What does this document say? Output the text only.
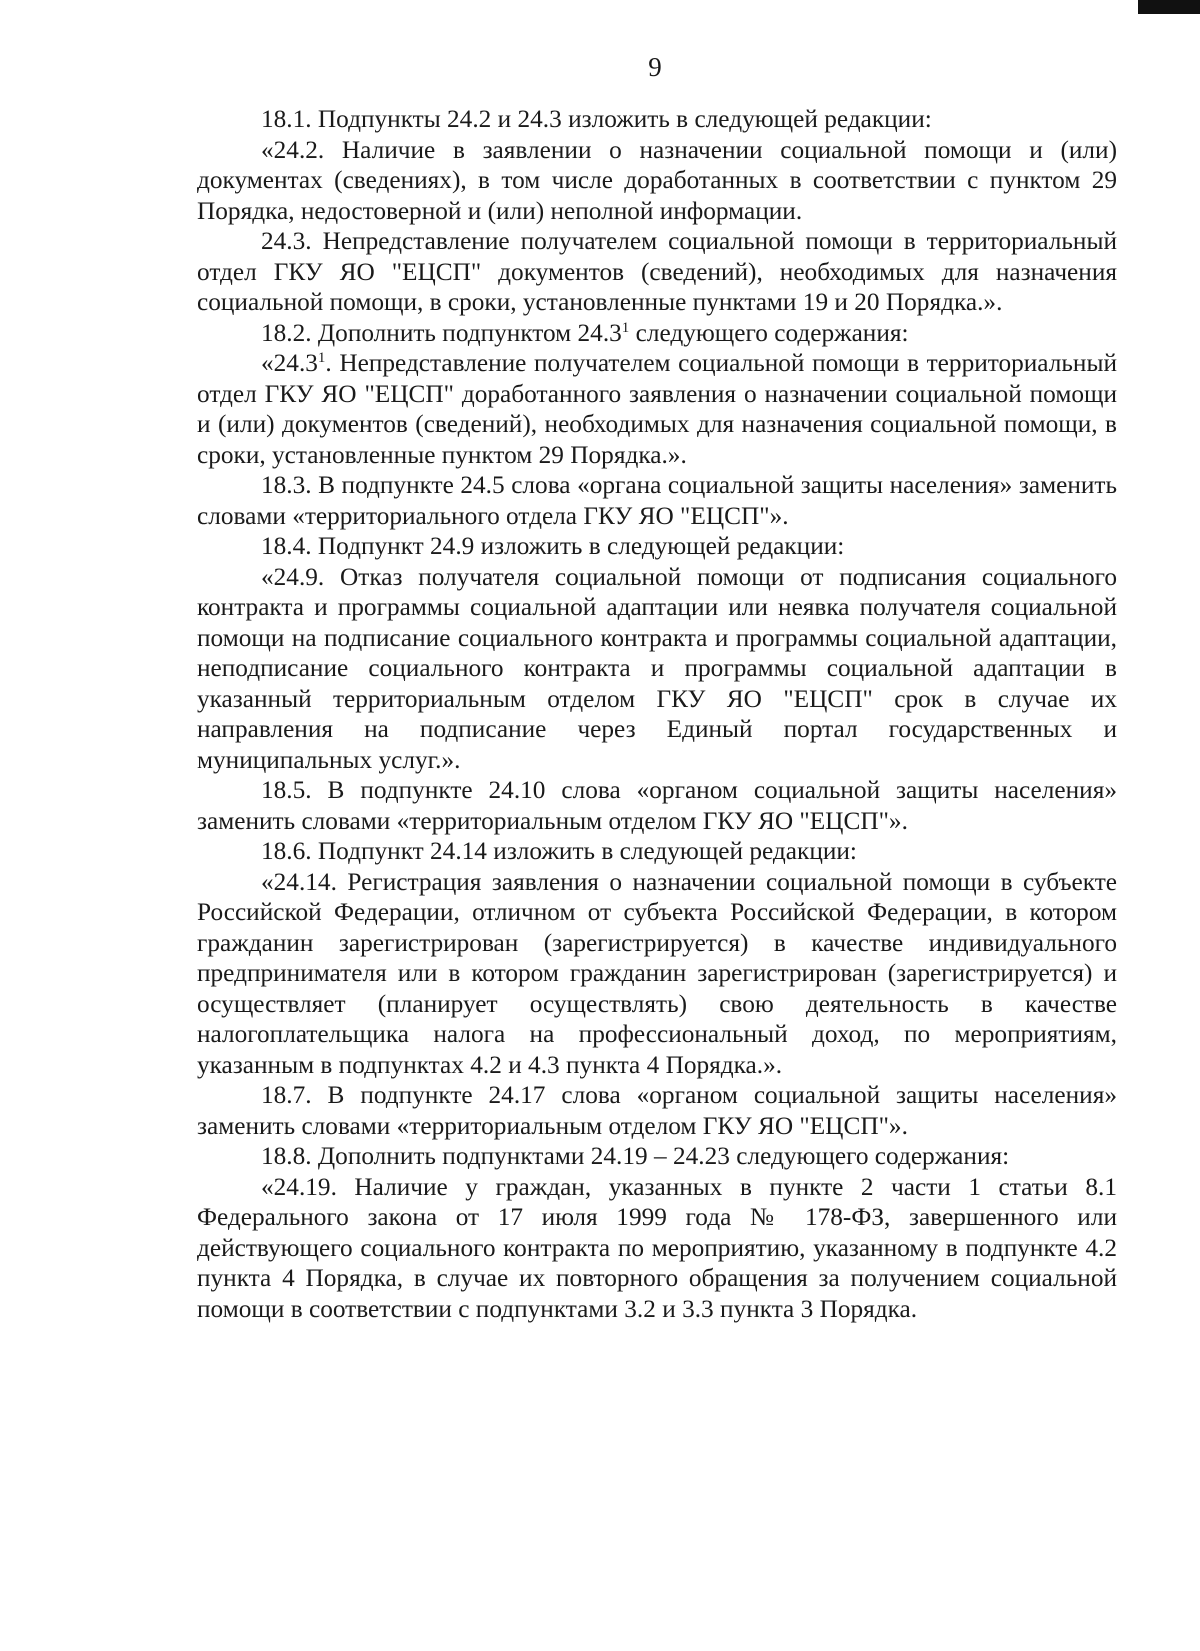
9

18.1. Подпункты 24.2 и 24.3 изложить в следующей редакции:

«24.2. Наличие в заявлении о назначении социальной помощи и (или) документах (сведениях), в том числе доработанных в соответствии с пунктом 29 Порядка, недостоверной и (или) неполной информации.

24.3. Непредставление получателем социальной помощи в территориальный отдел ГКУ ЯО "ЕЦСП" документов (сведений), необходимых для назначения социальной помощи, в сроки, установленные пунктами 19 и 20 Порядка.».

18.2. Дополнить подпунктом 24.3$^1$ следующего содержания:

«24.3$^1$. Непредставление получателем социальной помощи в территориальный отдел ГКУ ЯО "ЕЦСП" доработанного заявления о назначении социальной помощи и (или) документов (сведений), необходимых для назначения социальной помощи, в сроки, установленные пунктом 29 Порядка.».

18.3. В подпункте 24.5 слова «органа социальной защиты населения» заменить словами «территориального отдела ГКУ ЯО "ЕЦСП"».

18.4. Подпункт 24.9 изложить в следующей редакции:

«24.9. Отказ получателя социальной помощи от подписания социального контракта и программы социальной адаптации или неявка получателя социальной помощи на подписание социального контракта и программы социальной адаптации, неподписание социального контракта и программы социальной адаптации в указанный территориальным отделом ГКУ ЯО "ЕЦСП" срок в случае их направления на подписание через Единый портал государственных и муниципальных услуг.».

18.5. В подпункте 24.10 слова «органом социальной защиты населения» заменить словами «территориальным отделом ГКУ ЯО "ЕЦСП"».

18.6. Подпункт 24.14 изложить в следующей редакции:

«24.14. Регистрация заявления о назначении социальной помощи в субъекте Российской Федерации, отличном от субъекта Российской Федерации, в котором гражданин зарегистрирован (зарегистрируется) в качестве индивидуального предпринимателя или в котором гражданин зарегистрирован (зарегистрируется) и осуществляет (планирует осуществлять) свою деятельность в качестве налогоплательщика налога на профессиональный доход, по мероприятиям, указанным в подпунктах 4.2 и 4.3 пункта 4 Порядка.».

18.7. В подпункте 24.17 слова «органом социальной защиты населения» заменить словами «территориальным отделом ГКУ ЯО "ЕЦСП"».

18.8. Дополнить подпунктами 24.19 – 24.23 следующего содержания:

«24.19. Наличие у граждан, указанных в пункте 2 части 1 статьи 8.1 Федерального закона от 17 июля 1999 года № 178-ФЗ, завершенного или действующего социального контракта по мероприятию, указанному в подпункте 4.2 пункта 4 Порядка, в случае их повторного обращения за получением социальной помощи в соответствии с подпунктами 3.2 и 3.3 пункта 3 Порядка.
